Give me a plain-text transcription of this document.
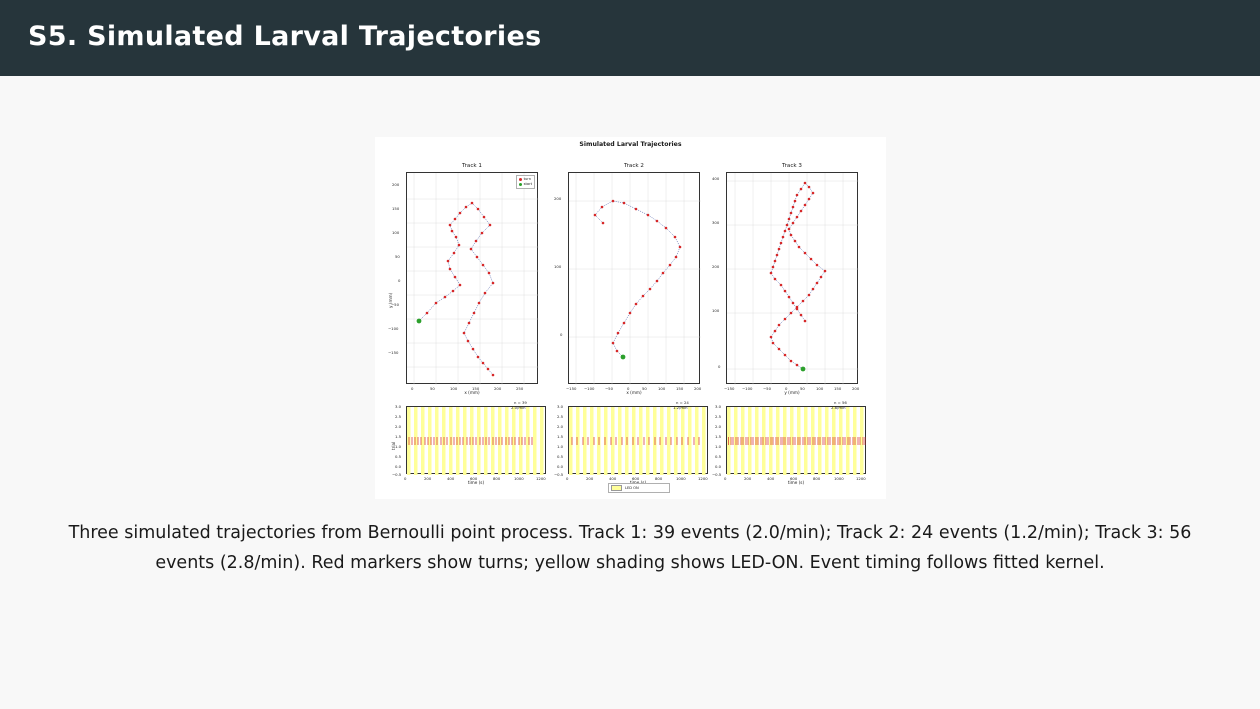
S5. Simulated Larval Trajectories
Simulated Larval Trajectories
Track 1
turn
start
y (mm)
x (mm)
200
150
100
50
0
−50
−100
−150
0	50	100	150	200	250
Track 2
x (mm)
200
100
0
−150 −100	−50	0	50	100	150	200
Track 3
y (mm)
400
300
200
100
0
−150 −100	−50	0	50	100	150	200
n = 39
2.0/min
trial
time (s)
3.0
2.5
2.0
1.5
1.0
0.5
0.0
−0.5
0	200	400	600	800	1000	1200
n = 24
1.2/min
3.0
2.5
2.0
1.5
1.0
0.5
0.0
−0.5
0	200	400	600	800	1000	1200
n = 56
2.8/min
time (s)
3.0
2.5
2.0
1.5
1.0
0.5
0.0
−0.5
0	200	400	600	800	1000	1200
LED ON
Three simulated trajectories from Bernoulli point process. Track 1: 39 events (2.0/min); Track 2: 24 events (1.2/min); Track 3: 56 events (2.8/min). Red markers show turns; yellow shading shows LED-ON. Event timing follows fitted kernel.
